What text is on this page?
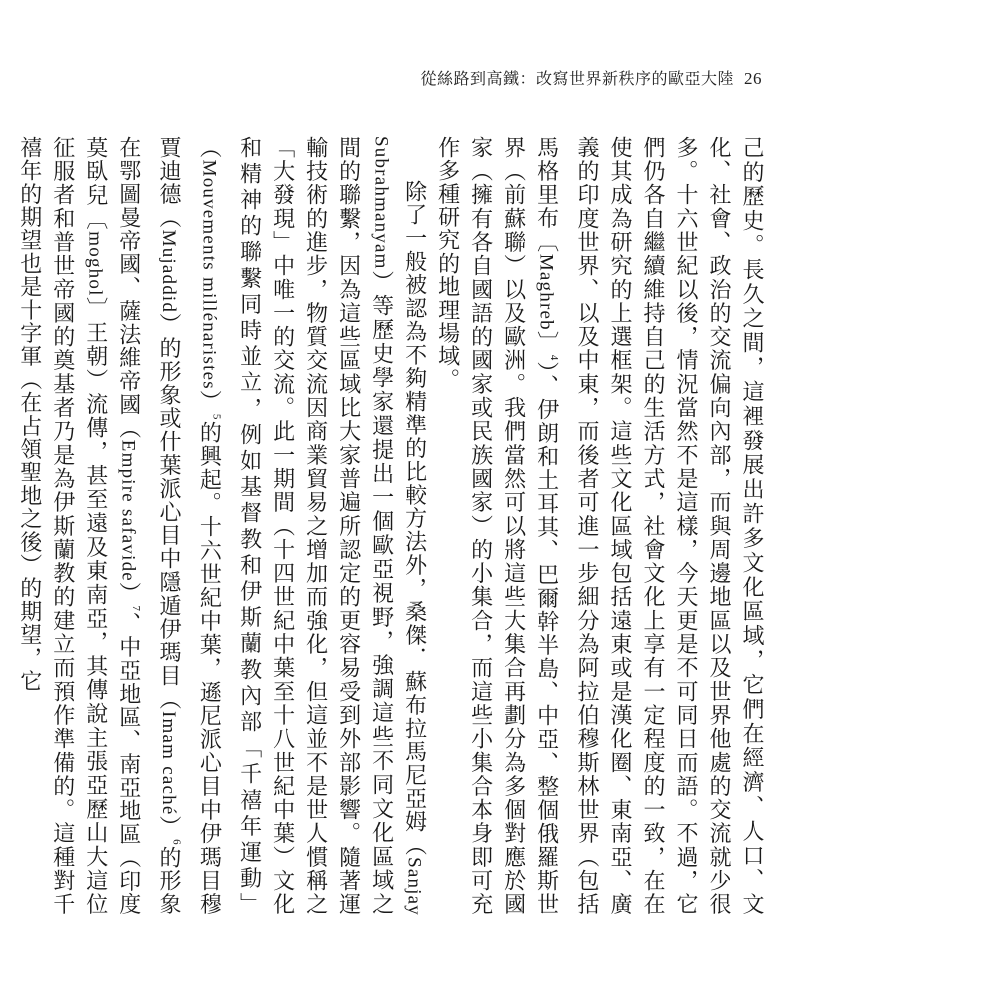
從絲路到高鐵：改寫世界新秩序的歐亞大陸 26

己的歷史。長久之間，這裡發展出許多文化區域，它們在經濟、人口、文化、社會、政治的交流偏向內部，而與周邊地區以及世界他處的交流就少很多。十六世紀以後，情況當然不是這樣，今天更是不可同日而語。不過，它們仍各自繼續維持自己的生活方式，社會文化上享有一定程度的一致，在在使其成為研究的上選框架。這些文化區域包括遠東或是漢化圈、東南亞、廣義的印度世界、以及中東，而後者可進一步細分為阿拉伯穆斯林世界（包括馬格里布〔Maghreb〕$^4$）、伊朗和土耳其、巴爾幹半島、中亞、整個俄羅斯世界（前蘇聯）以及歐洲。我們當然可以將這些大集合再劃分為多個對應於國家（擁有各自國語的國家或民族國家）的小集合，而這些小集合本身即可充作多種研究的地理場域。

除了一般被認為不夠精準的比較方法外，桑傑．蘇布拉馬尼亞姆（Sanjay Subrahmanyam）等歷史學家還提出一個歐亞視野，強調這些不同文化區域之間的聯繫，因為這些區域比大家普遍所認定的更容易受到外部影響。隨著運輸技術的進步，物質交流因商業貿易之增加而強化，但這並不是世人慣稱之「大發現」中唯一的交流。此一期間（十四世紀中葉至十八世紀中葉）文化和精神的聯繫同時並立，例如基督教和伊斯蘭教內部「千禧年運動」（Mouvements millénaristes）$^5$的興起。十六世紀中葉，遜尼派心目中伊瑪目穆賈迪德（Mujaddid）的形象或什葉派心目中隱遁伊瑪目（Imam caché）$^6$的形象在鄂圖曼帝國、薩法維帝國（Empire safavide）$^7$、中亞地區、南亞地區（印度莫臥兒〔moghol〕王朝）流傳，甚至遠及東南亞，其傳說主張亞歷山大這位征服者和普世帝國的奠基者乃是為伊斯蘭教的建立而預作準備的。這種對千禧年的期望也是十字軍（在占領聖地之後）的期望，它
